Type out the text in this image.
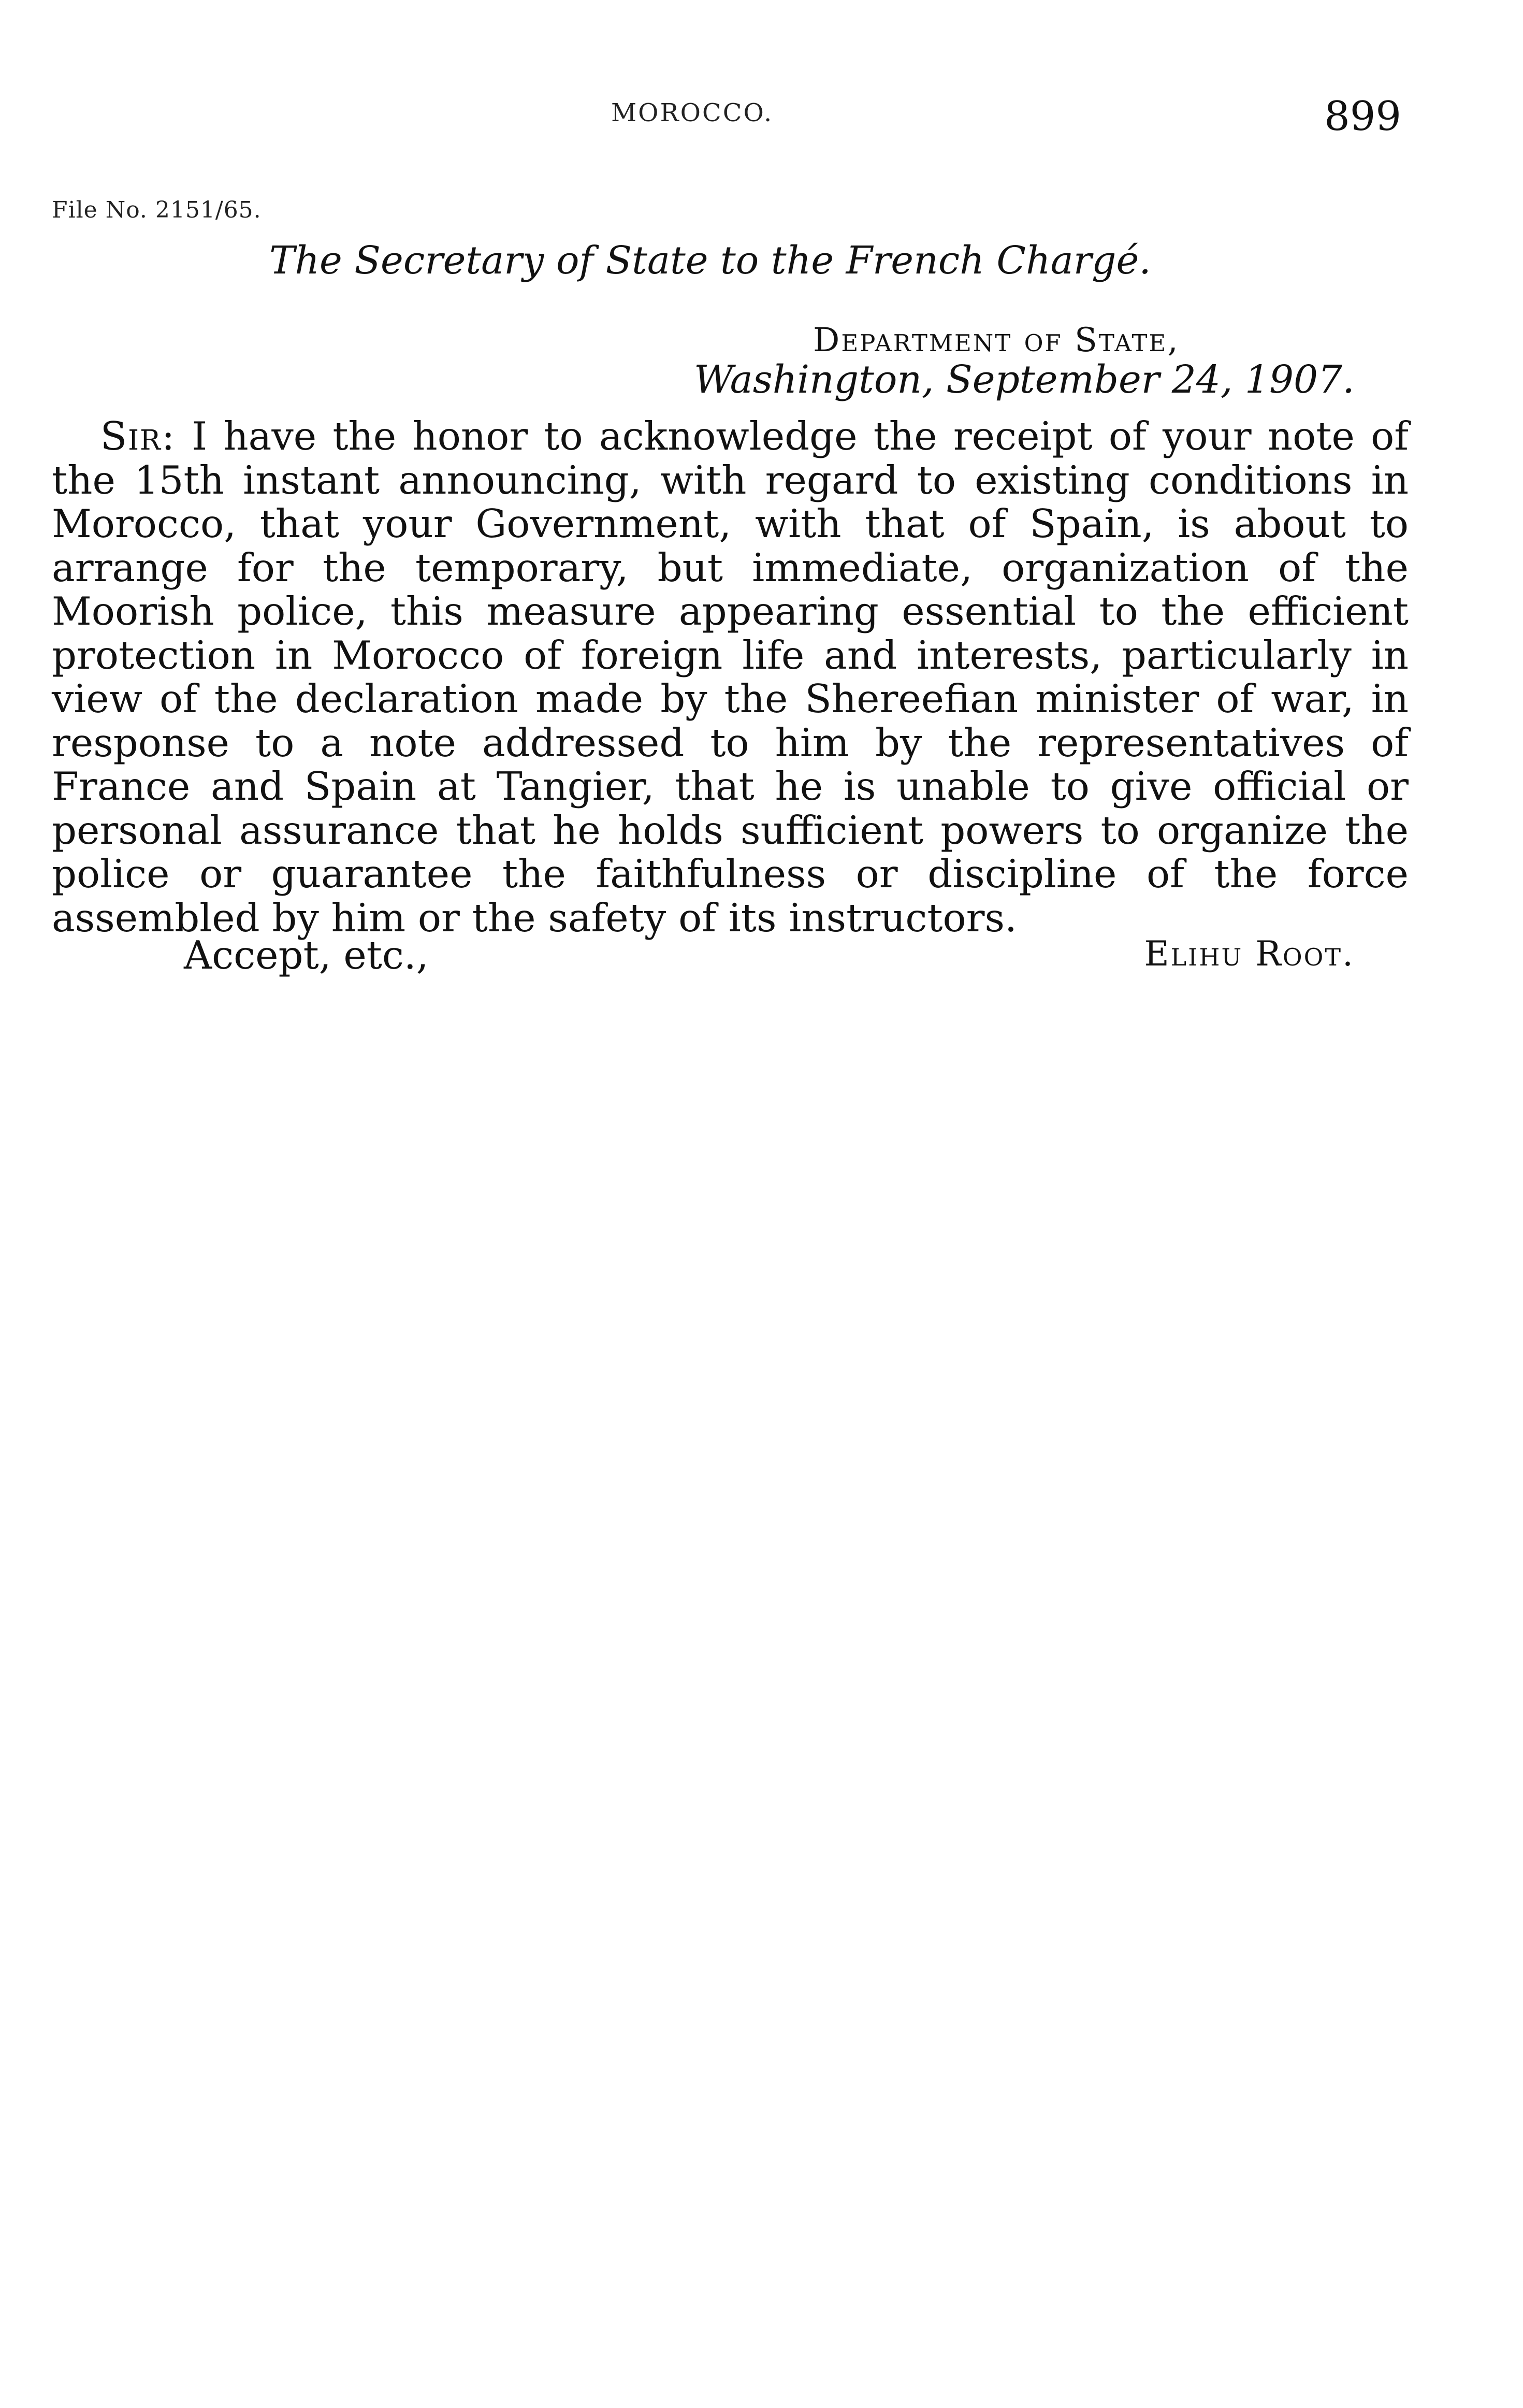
MOROCCO.	899
File No. 2151/65.
The Secretary of State to the French Chargé.
Department of State,
Washington, September 24, 1907.

Sir: I have the honor to acknowledge the receipt of your note of the 15th instant announcing, with regard to existing conditions in Morocco, that your Government, with that of Spain, is about to arrange for the temporary, but immediate, organization of the Moorish police, this measure appearing essential to the efficient protection in Morocco of foreign life and interests, particularly in view of the declaration made by the Shereefian minister of war, in response to a note addressed to him by the representatives of France and Spain at Tangier, that he is unable to give official or personal assurance that he holds sufficient powers to organize the police or guarantee the faithfulness or discipline of the force assembled by him or the safety of its instructors.

Accept, etc.,	Elihu Root.
